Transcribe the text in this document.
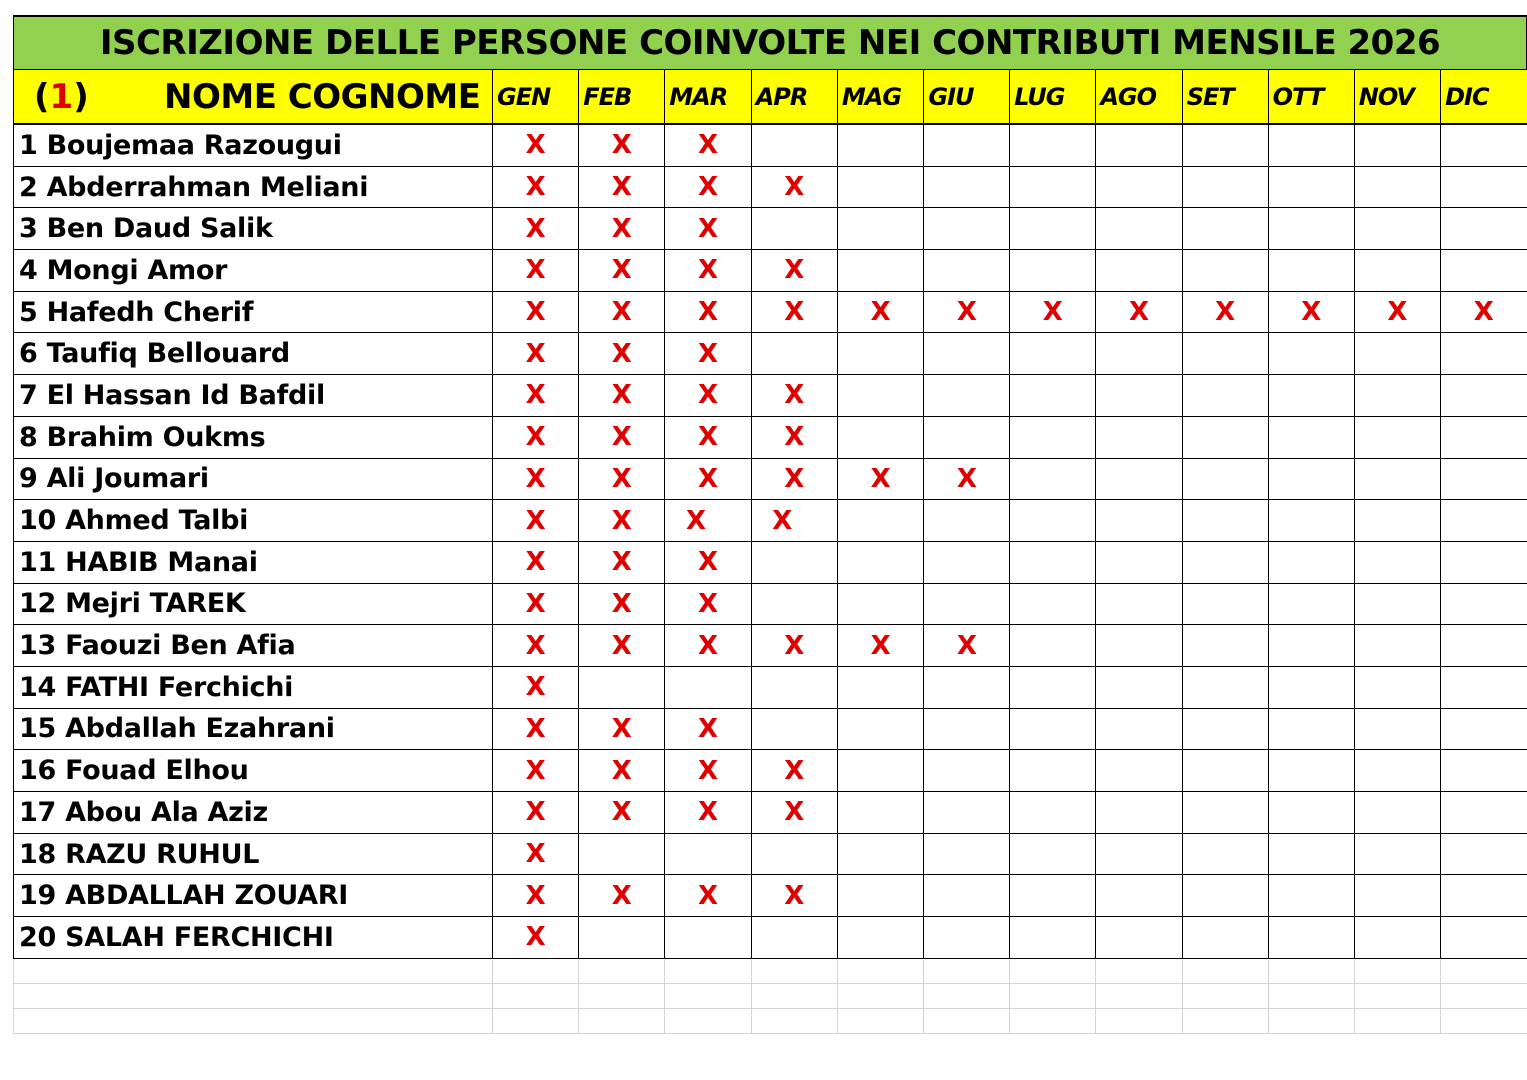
ISCRIZIONE DELLE PERSONE COINVOLTE NEI CONTRIBUTI MENSILE 2026												

(1) NOME COGNOME	GEN	FEB	MAR	APR	MAG	GIU	LUG	AGO	SET	OTT	NOV	DIC
1 Boujemaa Razougui	X	X	X									
2 Abderrahman Meliani	X	X	X	X								
3 Ben Daud Salik	X	X	X									
4 Mongi Amor	X	X	X	X								
5 Hafedh Cherif	X	X	X	X	X	X	X	X	X	X	X	X
6 Taufiq Bellouard	X	X	X									
7 El Hassan Id Bafdil	X	X	X	X								
8 Brahim Oukms	X	X	X	X								
9 Ali Joumari	X	X	X	X	X	X						
10 Ahmed Talbi	X	X	X	X								
11 HABIB Manai	X	X	X									
12 Mejri TAREK	X	X	X									
13 Faouzi Ben Afia	X	X	X	X	X	X						
14 FATHI Ferchichi	X											
15 Abdallah Ezahrani	X	X	X									
16 Fouad Elhou	X	X	X	X								
17 Abou Ala Aziz	X	X	X	X								
18 RAZU RUHUL	X											
19 ABDALLAH ZOUARI	X	X	X	X								
20 SALAH FERCHICHI	X											
